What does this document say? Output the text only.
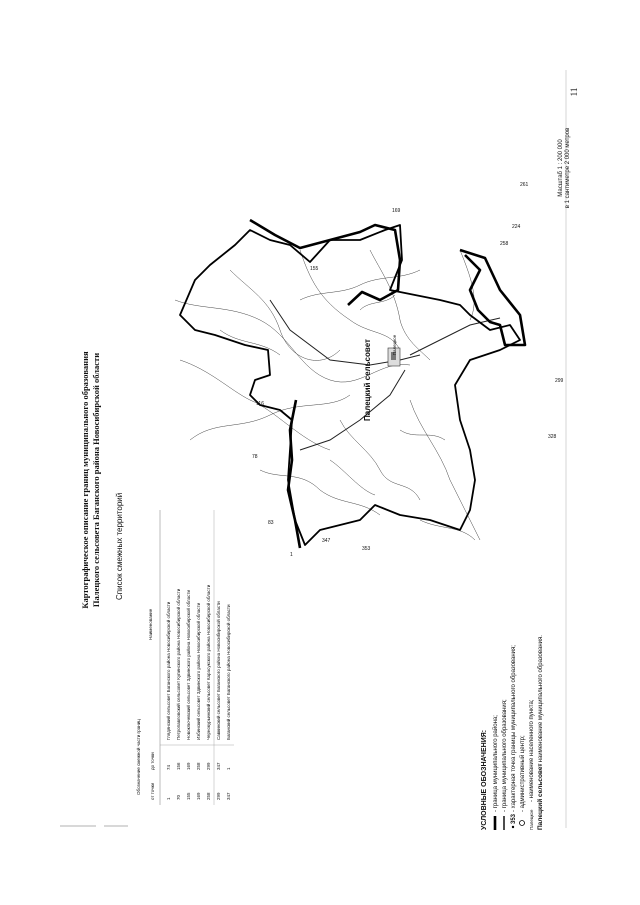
11
Картографическое описание границ муниципального образования Палецкого сельсовета Баганского района Новосибирской области
Палецкое
Палецкий сельсовет
1
83
78
116
155
169
261
224
258
299
328
353
347
Масштаб 1 : 200 000 в 1 сантиметре 2 000 метров
Список смежных территорий
Обозначение смежной части границ от точки
до точки
Наименование
1
74
Глядянский сельсовет Баганского района Новосибирской области
70
156
Петропавловский сельсовет Купинского района Новосибирской области
155
169
Новоключевский сельсовет Здвинского района Новосибирской области
169
258
Избинский сельсовет Здвинского района Новосибирской области
258
299
Чернокурьинский сельсовет Карасукского района Новосибирской области
299
347
Савкинский сельсовет Баганского района Новосибирской области
347
1
Баганский сельсовет Баганского района Новосибирской области
УСЛОВНЫЕ ОБОЗНАЧЕНИЯ: - граница муниципального района; - граница муниципального образования;
353
- характерная точка границы муниципального образования; - административный центр;
Палецкое
- наименование населенного пункта; Палецкий сельсовет
- наименование муниципального образования.
